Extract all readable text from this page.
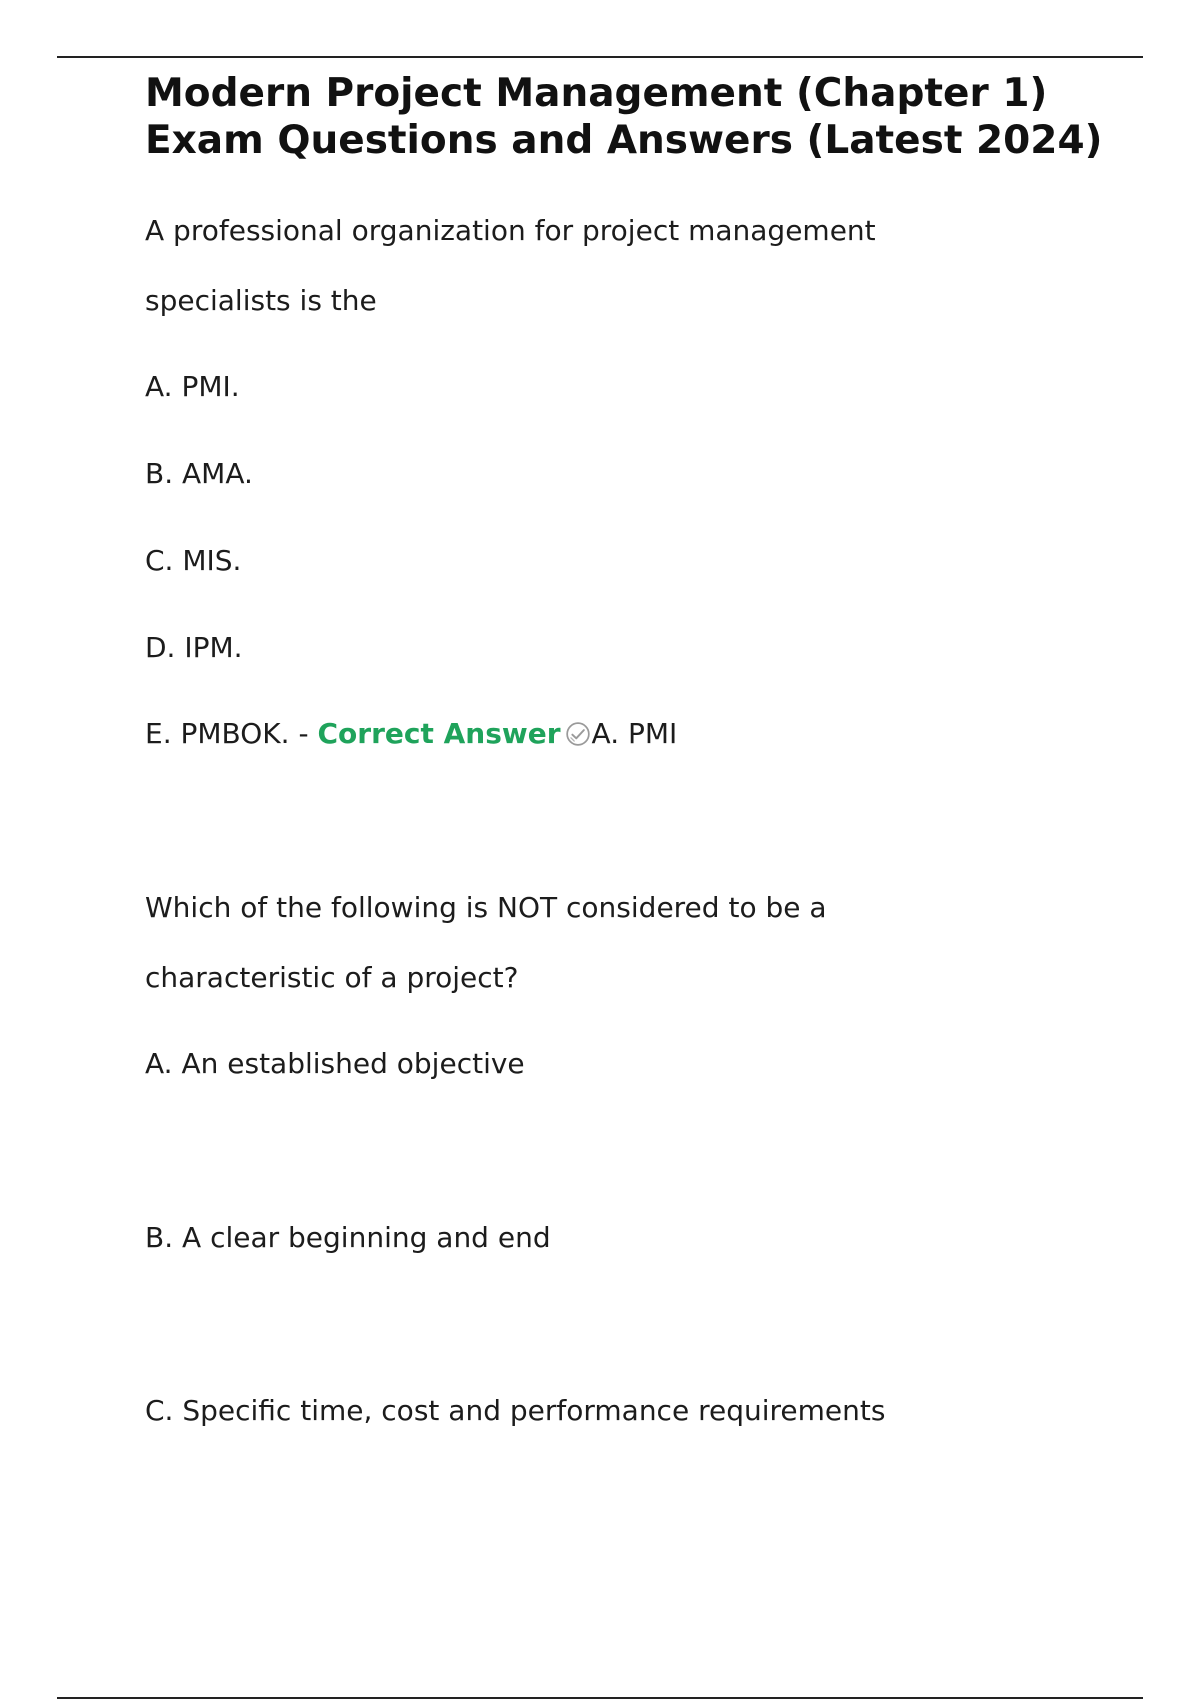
Modern Project Management (Chapter 1) Exam Questions and Answers (Latest 2024)

A professional organization for project management

specialists is the

A. PMI.

B. AMA.

C. MIS.

D. IPM.

E. PMBOK. - Correct Answer A. PMI

Which of the following is NOT considered to be a

characteristic of a project?

A. An established objective

B. A clear beginning and end

C. Specific time, cost and performance requirements
